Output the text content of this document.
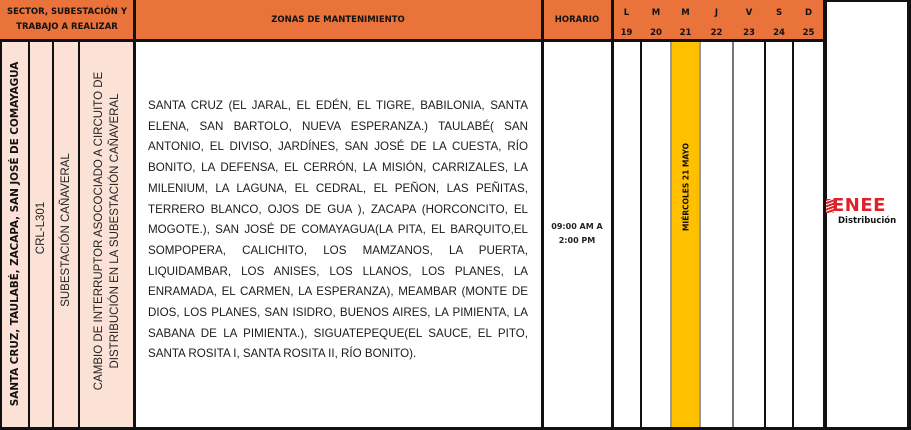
SECTOR, SUBESTACIÓN Y TRABAJO A REALIZAR
ZONAS DE MANTENIMIENTO	HORARIO
L
19
M
20
M
21
J
22
V
23
S
24
D
25
SANTA CRUZ, TAULABÉ, ZACAPA, SAN JOSÉ DE COMAYAGUA CRL-L301 SUBESTACIÓN CAÑAVERAL CAMBIO DE INTERRUPTOR ASOCOCIADO A CIRCUITO DE DISTRIBUCIÓN EN LA SUBESTACIÓN CAÑAVERAL SANTA CRUZ (EL JARAL, EL EDÉN, EL TIGRE, BABILONIA, SANTA ELENA, SAN BARTOLO, NUEVA ESPERANZA.) TAULABÉ( SAN ANTONIO, EL DIVISO, JARDÍNES, SAN JOSÉ DE LA CUESTA, RÍO BONITO, LA DEFENSA, EL CERRÓN, LA MISIÓN, CARRIZALES, LA MILENIUM, LA LAGUNA, EL CEDRAL, EL PEÑON, LAS PEÑITAS, TERRERO BLANCO, OJOS DE GUA ), ZACAPA (HORCONCITO, EL MOGOTE.), SAN JOSÉ DE COMAYAGUA(LA PITA, EL BARQUITO,EL SOMPOPERA, CALICHITO, LOS MAMZANOS, LA PUERTA, LIQUIDAMBAR, LOS ANISES, LOS LLANOS, LOS PLANES, LA ENRAMADA, EL CARMEN, LA ESPERANZA), MEAMBAR (MONTE DE DIOS, LOS PLANES, SAN ISIDRO, BUENOS AIRES, LA PIMIENTA, LA SABANA DE LA PIMIENTA.), SIGUATEPEQUE(EL SAUCE, EL PITO, SANTA ROSITA I, SANTA ROSITA II, RÍO BONITO).
09:00 AM A
2:00 PM
MIÉRCOLES 21 MAYO	ENEE
Distribución
